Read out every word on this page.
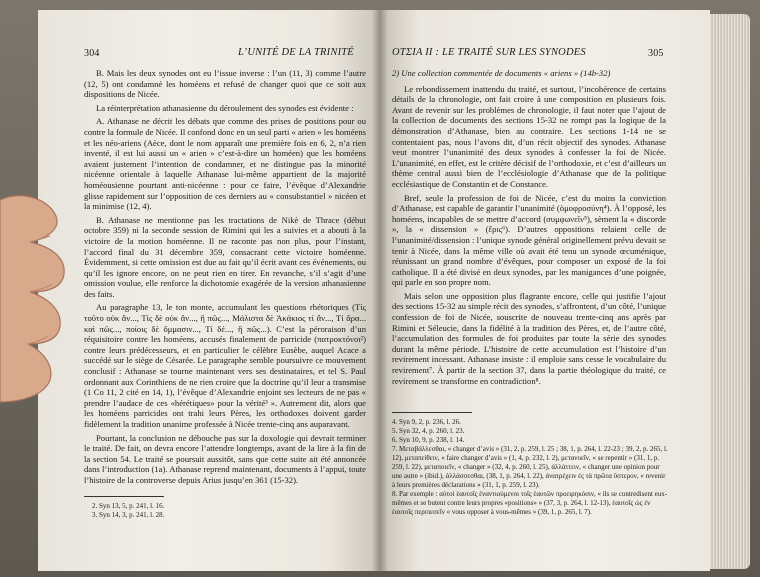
304	L’UNITÉ DE LA TRINITÉ

B. Mais les deux synodes ont eu l’issue inverse : l’un (11, 3) comme l’autre (12, 5) ont condamné les homéens et refusé de changer quoi que ce soit aux dispositions de Nicée.

La réinterprétation athanasienne du déroulement des synodes est évidente :

A. Athanase ne décrit les débats que comme des prises de positions pour ou contre la formule de Nicée. Il confond donc en un seul parti « arien » les homéens et les néo-ariens (Aèce, dont le nom apparaît une première fois en 6, 2, n’a rien inventé, il est lui aussi un « arien » c’est-à-dire un homéen) que les homéens avaient justement l’intention de condamner, et ne distingue pas la minorité nicéenne orientale à laquelle Athanase lui-même appartient de la majorité homéousienne pourtant anti-nicéenne : pour ce faire, l’évêque d’Alexandrie glisse rapidement sur l’opposition de ces derniers au « consubstantiel » nicéen et la minimise (12, 4).

B. Athanase ne mentionne pas les tractations de Nikè de Thrace (début octobre 359) ni la seconde session de Rimini qui les a suivies et a abouti à la victoire de la motion homéenne. Il ne raconte pas non plus, pour l’instant, l’accord final du 31 décembre 359, consacrant cette victoire homéenne. Évidemment, si cette omission est due au fait qu’il écrit avant ces événements, ou qu’il les ignore encore, on ne peut rien en tirer. En revanche, s’il s’agit d’une omission voulue, elle renforce la dichotomie exagérée de la version athanasienne des faits.

Au paragraphe 13, le ton monte, accumulant les questions rhétoriques (Τίς τοῦτο οὐκ ἄν..., Τίς δὲ οὐκ ἄν..., ἢ πῶς..., Μάλιστα δὲ Ἀκάκιος τί ἄν..., Τί ἄρα... καὶ πῶς..., ποίοις δὲ ὄμμασιν..., Τί δέ..., ἢ πῶς...). C’est la péroraison d’un réquisitoire contre les homéens, accusés finalement de parricide (πατροκτόνοι²) contre leurs prédécesseurs, et en particulier le célèbre Eusèbe, auquel Acace a succédé sur le siège de Césarée. Le paragraphe semble poursuivre ce mouvement conclusif : Athanase se tourne maintenant vers ses destinataires, et tel S. Paul ordonnant aux Corinthiens de ne rien croire que la doctrine qu’il leur a transmise (1 Co 11, 2 cité en 14, 1), l’évêque d’Alexandrie enjoint ses lecteurs de ne pas « prendre l’audace de ces «hérétiques» pour la vérité³ ». Autrement dit, alors que les homéens parricides ont trahi leurs Pères, les orthodoxes doivent garder fidèlement la tradition unanime professée à Nicée trente-cinq ans auparavant.

Pourtant, la conclusion ne débouche pas sur la doxologie qui devrait terminer le traité. De fait, on devra encore l’attendre longtemps, avant de la lire à la fin de la section 54. Le traité se poursuit aussitôt, sans que cette suite ait été annoncée dans l’introduction (1a). Athanase reprend maintenant, documents à l’appui, toute l’histoire de la controverse depuis Arius jusqu’en 361 (15-32).

2. Syn 13, 5, p. 241, l. 16.
3. Syn 14, 3, p. 241, l. 28.
ΟΤΣΙΑ II : LE TRAITÉ SUR LES SYNODES	305

2) Une collection commentée de documents « ariens » (14b-32)

Le rebondissement inattendu du traité, et surtout, l’incohérence de certains détails de la chronologie, ont fait croire à une composition en plusieurs fois. Avant de revenir sur les problèmes de chronologie, il faut noter que l’ajout de la collection de documents des sections 15-32 ne rompt pas la logique de la démonstration d’Athanase, bien au contraire. Les sections 1-14 ne se contentaient pas, nous l’avons dit, d’un récit objectif des synodes. Athanase veut montrer l’unanimité des deux synodes à confesser la foi de Nicée. L’unanimité, en effet, est le critère décisif de l’orthodoxie, et c’est d’ailleurs un thème central aussi bien de l’ecclésiologie d’Athanase que de la politique ecclésiastique de Constantin et de Constance.

Bref, seule la profession de foi de Nicée, c’est du moins la conviction d’Athanase, est capable de garantir l’unanimité (ὁμοφροσύνη⁴). À l’opposé, les homéens, incapables de se mettre d’accord (συμφωνεῖν⁵), sèment la « discorde », la « dissension » (ἔρις⁶). D’autres oppositions relaient celle de l’unanimité/dissension : l’unique synode général originellement prévu devait se tenir à Nicée, dans la même ville où avait été tenu un synode œcuménique, réunissant un grand nombre d’évêques, pour composer un exposé de la foi catholique. Il a été divisé en deux synodes, par les manigances d’une poignée, qui parle en son propre nom.

Mais selon une opposition plus flagrante encore, celle qui justifie l’ajout des sections 15-32 au simple récit des synodes, s’affrontent, d’un côté, l’unique confession de foi de Nicée, souscrite de nouveau trente-cinq ans après par Rimini et Séleucie, dans la fidélité à la tradition des Pères, et, de l’autre côté, l’accumulation des formules de foi produites par toute la série des synodes durant la même période. L’histoire de cette accumulation est l’histoire d’un revirement incessant. Athanase insiste : il emploie sans cesse le vocabulaire du revirement⁷. À partir de la section 37, dans la partie théologique du traité, ce revirement se transforme en contradiction⁸.

4. Syn 9, 2, p. 236, l. 26.
5. Syn 32, 4, p. 260, l. 23.
6. Syn 10, 9, p. 238, l. 14.
7. Μεταβάλλεσθαι, « changer d’avis » (31, 2, p. 259, l. 25 ; 38, 1, p. 264, l. 22-23 ; 39, 2, p. 265, l. 12), μεταπείθειν, « faire changer d’avis » (1, 4, p. 232, l. 2), μετανοεῖν, « se repentir » (31, 1, p. 259, l. 22), μεταποιεῖν, « changer » (32, 4, p. 260, l. 25), ἀλλάττειν, « changer une opinion pour une autre » (ibid.), ἀλλάσσεσθαι, (38, 1, p. 264, l. 22), ἀνατρέχειν ἐς τὰ πρῶτα ὕστερον, « revenir à leurs premières déclarations » (31, 1, p. 259, l. 23).
8. Par exemple : αὐτοὶ ἑαυτοῖς ἐναντιούμενοι τοῖς ἑαυτῶν προειρηκόσιν, « ils se contredisent eux-mêmes et se butent contre leurs propres «positions» » (37, 3, p. 264, l. 12-13), ἑαυτοῖς ὡς ἐν ἑαυτοῖς περιπεσεῖν « vous opposer à vous-mêmes » (39, 1, p. 265, l. 7).
